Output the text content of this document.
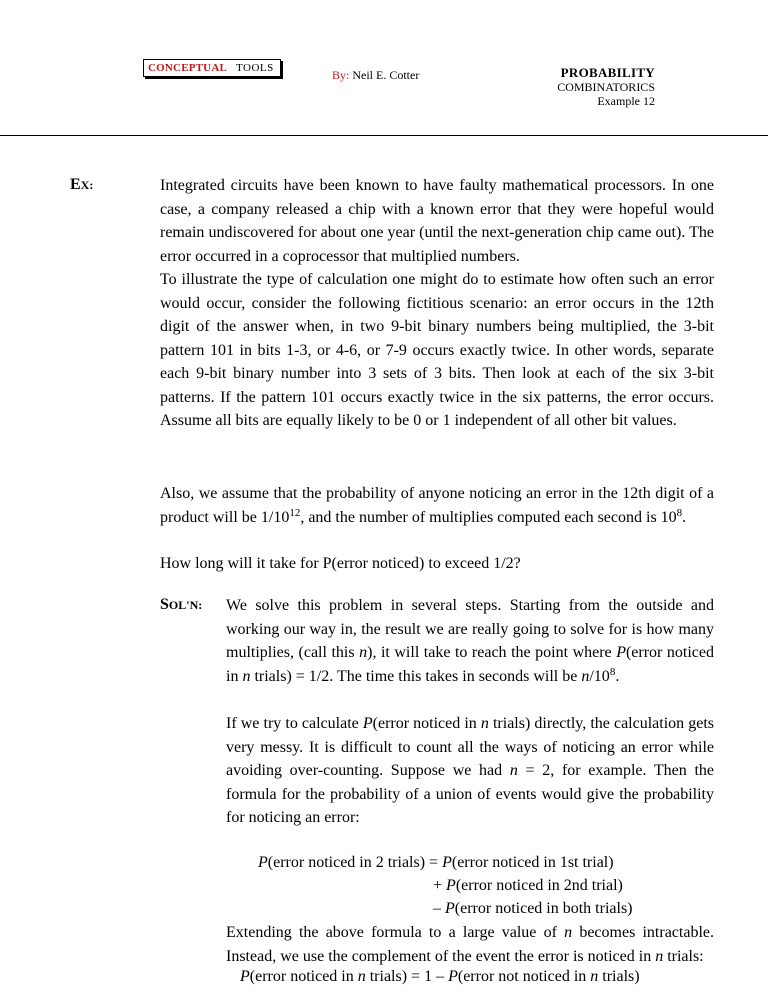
CONCEPTUAL TOOLS	By: Neil E. Cotter	PROBABILITY
COMBINATORICS
Example 12
EX:	Integrated circuits have been known to have faulty mathematical processors. In one case, a company released a chip with a known error that they were hopeful would remain undiscovered for about one year (until the next-generation chip came out). The error occurred in a coprocessor that multiplied numbers.
To illustrate the type of calculation one might do to estimate how often such an error would occur, consider the following fictitious scenario: an error occurs in the 12th digit of the answer when, in two 9-bit binary numbers being multiplied, the 3-bit pattern 101 in bits 1-3, or 4-6, or 7-9 occurs exactly twice. In other words, separate each 9-bit binary number into 3 sets of 3 bits. Then look at each of the six 3-bit patterns. If the pattern 101 occurs exactly twice in the six patterns, the error occurs. Assume all bits are equally likely to be 0 or 1 independent of all other bit values.
Also, we assume that the probability of anyone noticing an error in the 12th digit of a product will be $1/10^{12}$, and the number of multiplies computed each second is $10^8$.
How long will it take for P(error noticed) to exceed 1/2?
SOL'N: We solve this problem in several steps. Starting from the outside and working our way in, the result we are really going to solve for is how many multiplies, (call this n), it will take to reach the point where P(error noticed in n trials) = 1/2. The time this takes in seconds will be $n/10^8$.
If we try to calculate P(error noticed in n trials) directly, the calculation gets very messy. It is difficult to count all the ways of noticing an error while avoiding over-counting. Suppose we had n = 2, for example. Then the formula for the probability of a union of events would give the probability for noticing an error:
P(error noticed in 2 trials) = P(error noticed in 1st trial)
+ P(error noticed in 2nd trial)
– P(error noticed in both trials)
Extending the above formula to a large value of n becomes intractable. Instead, we use the complement of the event the error is noticed in n trials:
P(error noticed in n trials) = 1 – P(error not noticed in n trials)
